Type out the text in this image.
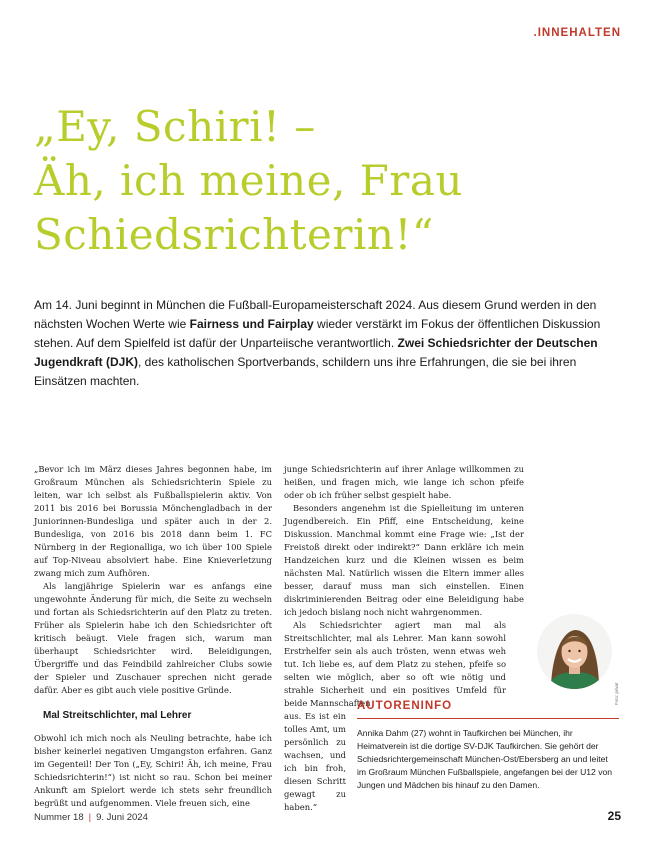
.INNEHALTEN
„Ey, Schiri! –
Äh, ich meine, Frau
Schiedsrichterin!“

Am 14. Juni beginnt in München die Fußball-Europameisterschaft 2024. Aus diesem Grund werden in den nächsten Wochen Werte wie Fairness und Fairplay wieder verstärkt im Fokus der öffentlichen Diskussion stehen. Auf dem Spielfeld ist dafür der Unparteiische verantwortlich. Zwei Schiedsrichter der Deutschen Jugendkraft (DJK), des katholischen Sportverbands, schildern uns ihre Erfahrungen, die sie bei ihren Einsätzen machten.

„Bevor ich im März dieses Jahres begonnen habe, im Großraum München als Schiedsrichterin Spiele zu leiten, war ich selbst als Fußballspielerin aktiv. Von 2011 bis 2016 bei Borussia Mönchengladbach in der Juniorinnen-Bundesliga und später auch in der 2. Bundesliga, von 2016 bis 2018 dann beim 1. FC Nürnberg in der Regionalliga, wo ich über 100 Spiele auf Top-Niveau absolviert habe. Eine Knieverletzung zwang mich zum Aufhören.

Als langjährige Spielerin war es anfangs eine ungewohnte Änderung für mich, die Seite zu wechseln und fortan als Schiedsrichterin auf den Platz zu treten. Früher als Spielerin habe ich den Schiedsrichter oft kritisch beäugt. Viele fragen sich, warum man überhaupt Schiedsrichter wird. Beleidigungen, Übergriffe und das Feindbild zahlreicher Clubs sowie der Spieler und Zuschauer sprechen nicht gerade dafür. Aber es gibt auch viele positive Gründe.

Mal Streitschlichter, mal Lehrer

Obwohl ich mich noch als Neuling betrachte, habe ich bisher keinerlei negativen Umgangston erfahren. Ganz im Gegenteil! Der Ton („Ey, Schiri! Äh, ich meine, Frau Schiedsrichterin!“) ist nicht so rau. Schon bei meiner Ankunft am Spielort werde ich stets sehr freundlich begrüßt und aufgenommen. Viele freuen sich, eine

junge Schiedsrichterin auf ihrer Anlage willkommen zu heißen, und fragen mich, wie lange ich schon pfeife oder ob ich früher selbst gespielt habe.

Besonders angenehm ist die Spielleitung im unteren Jugendbereich. Ein Pfiff, eine Entscheidung, keine Diskussion. Manchmal kommt eine Frage wie: „Ist der Freistoß direkt oder indirekt?“ Dann erkläre ich mein Handzeichen kurz und die Kleinen wissen es beim nächsten Mal. Natürlich wissen die Eltern immer alles besser, darauf muss man sich einstellen. Einen diskriminierenden Beitrag oder eine Beleidigung habe ich jedoch bislang noch nicht wahrgenommen.

Als Schiedsrichter agiert man mal als Streitschlichter, mal als Lehrer. Man kann sowohl Erstrhelfer sein als auch trösten, wenn etwas weh tut. Ich liebe es, auf dem Platz zu stehen, pfeife so selten wie möglich, aber so oft wie nötig und strahle Sicherheit und ein positives Umfeld für beide Mannschaften

aus. Es ist ein tolles Amt, um persönlich zu wachsen, und ich bin froh, diesen Schritt gewagt zu haben.“

Foto: privat
AUTORENINFO

Annika Dahm (27) wohnt in Taufkirchen bei München, ihr Heimatverein ist die dortige SV-DJK Taufkirchen. Sie gehört der Schiedsrichtergemeinschaft München-Ost/Ebersberg an und leitet im Großraum München Fußballspiele, angefangen bei der U12 von Jungen und Mädchen bis hinauf zu den Damen.

Nummer 18 | 9. Juni 2024	25
